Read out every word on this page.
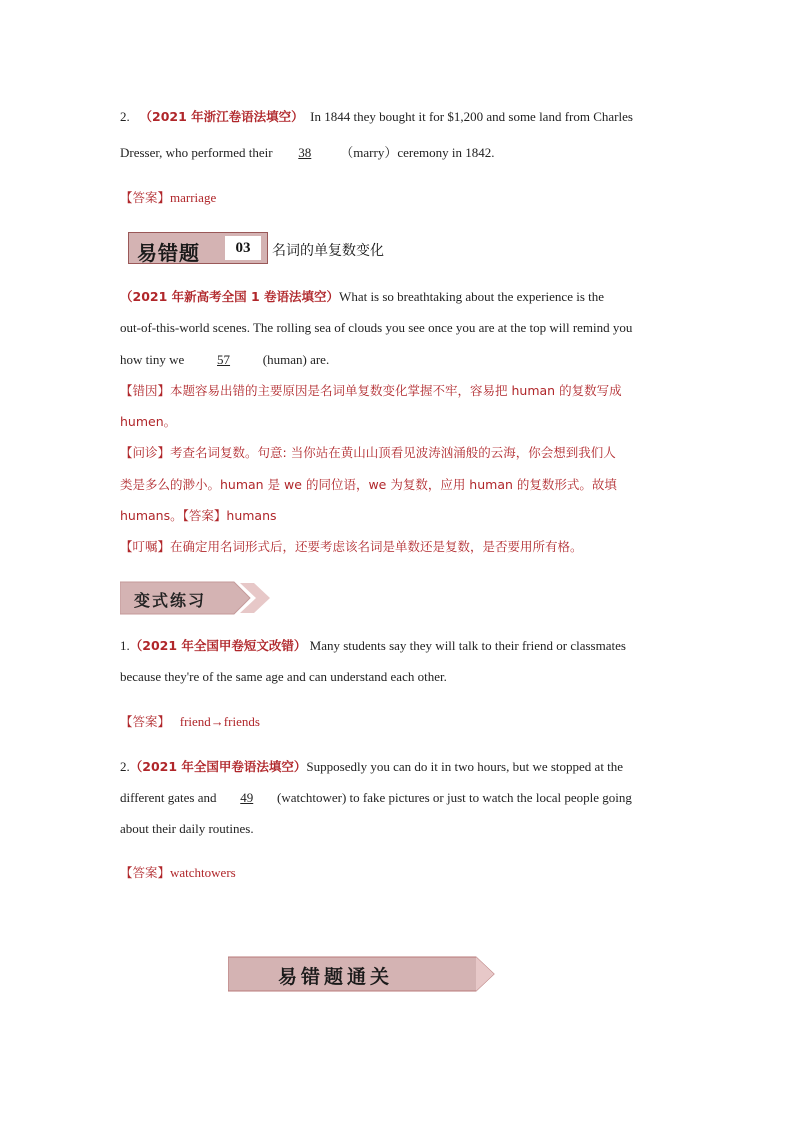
2. （2021 年浙江卷语法填空） In 1844 they bought it for $1,200 and some land from Charles
Dresser, who performed their 38 （marry）ceremony in 1842.
【答案】marriage
易错题	03	名词的单复数变化
（2021 年新高考全国 1 卷语法填空）What is so breathtaking about the experience is the
out-of-this-world scenes. The rolling sea of clouds you see once you are at the top will remind you
how tiny we	57	(human) are.
【错因】本题容易出错的主要原因是名词单复数变化掌握不牢，容易把 human 的复数写成
humen。
【问诊】考查名词复数。句意: 当你站在黄山山顶看见波涛汹涌般的云海，你会想到我们人
类是多么的渺小。human 是 we 的同位语，we 为复数，应用 human 的复数形式。故填
humans。【答案】humans
【叮嘱】在确定用名词形式后，还要考虑该名词是单数还是复数，是否要用所有格。
变式练习
1.（2021 年全国甲卷短文改错） Many students say they will talk to their friend or classmates
because they're of the same age and can understand each other.
【答案】 friend→friends
2.（2021 年全国甲卷语法填空）Supposedly you can do it in two hours, but we stopped at the
different gates and 49 (watchtower) to fake pictures or just to watch the local people going
about their daily routines.
【答案】watchtowers
易错题通关
